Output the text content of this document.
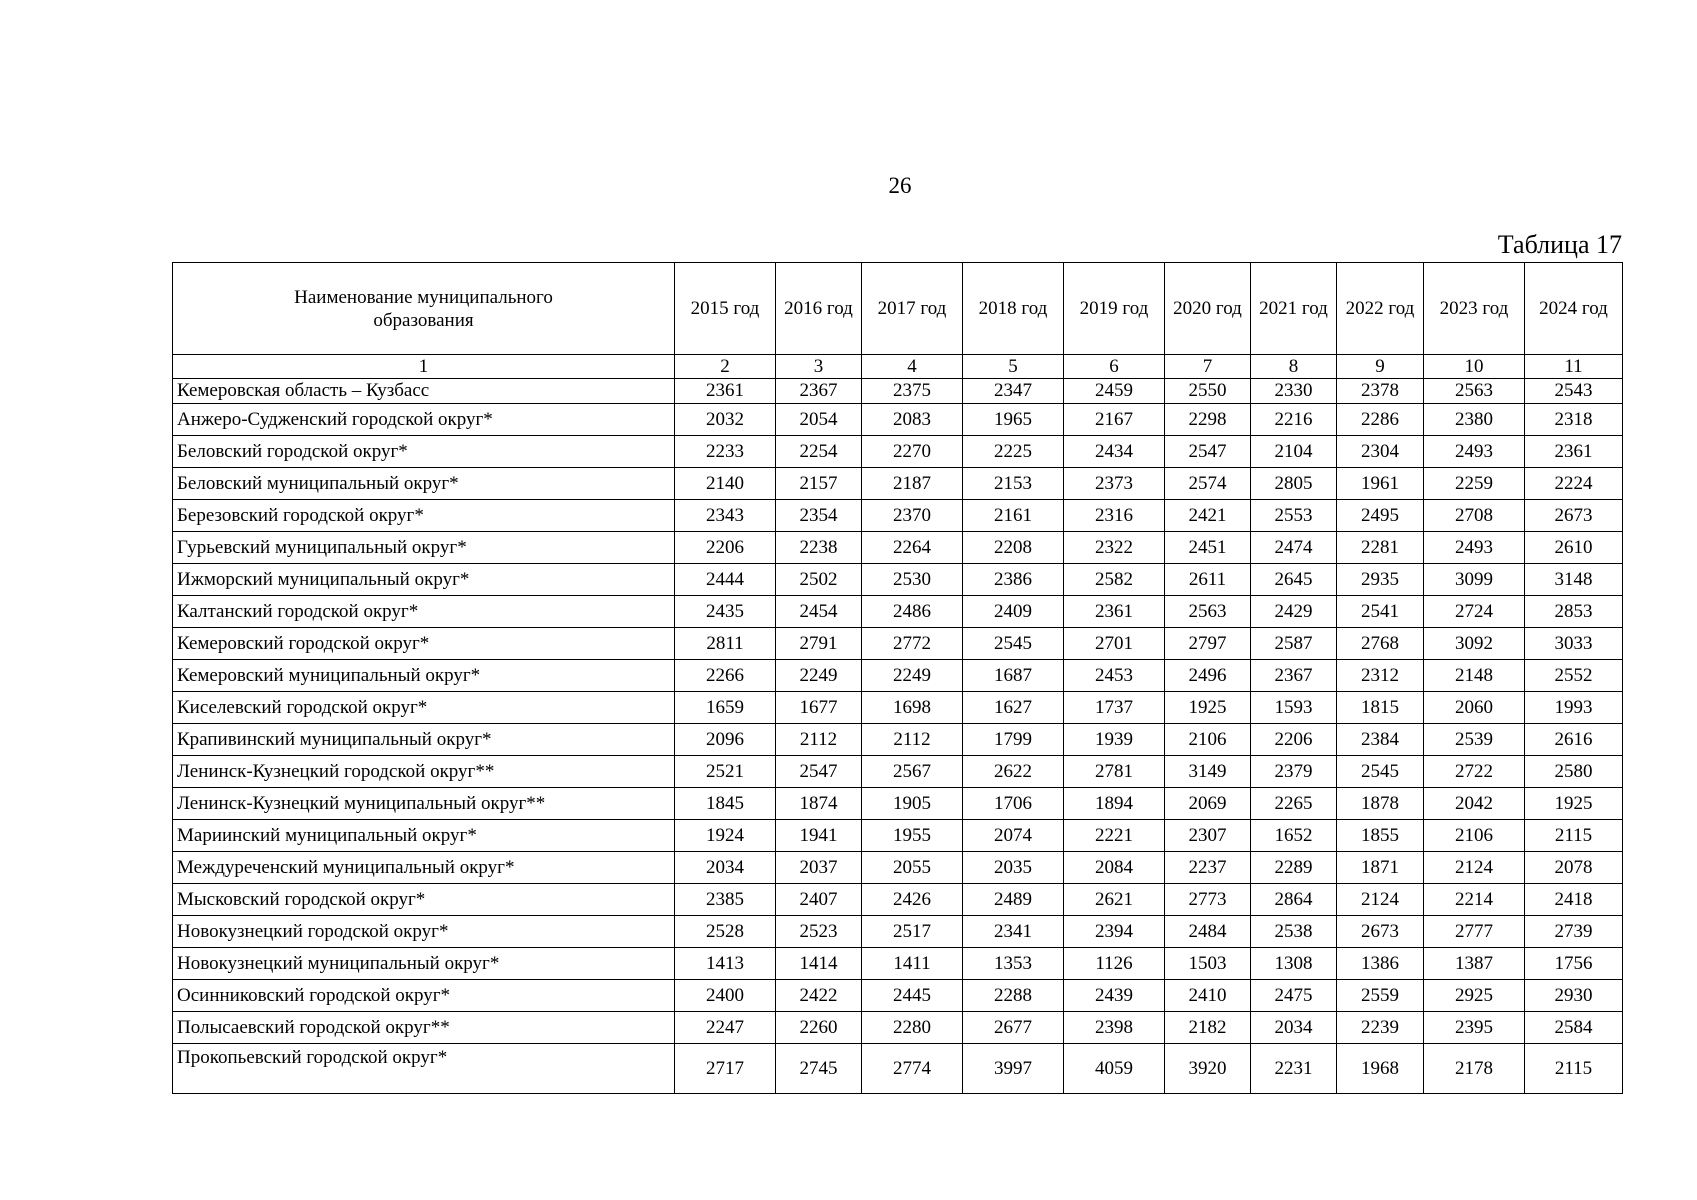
26
Таблица 17
Наименование муниципального образования	2015 год	2016 год	2017 год	2018 год	2019 год	2020 год	2021 год	2022 год	2023 год	2024 год
1	2	3	4	5	6	7	8	9	10	11
Кемеровская область – Кузбасс	2361	2367	2375	2347	2459	2550	2330	2378	2563	2543
Анжеро-Судженский городской округ*	2032	2054	2083	1965	2167	2298	2216	2286	2380	2318
Беловский городской округ*	2233	2254	2270	2225	2434	2547	2104	2304	2493	2361
Беловский муниципальный округ*	2140	2157	2187	2153	2373	2574	2805	1961	2259	2224
Березовский городской округ*	2343	2354	2370	2161	2316	2421	2553	2495	2708	2673
Гурьевский муниципальный округ*	2206	2238	2264	2208	2322	2451	2474	2281	2493	2610
Ижморский муниципальный округ*	2444	2502	2530	2386	2582	2611	2645	2935	3099	3148
Калтанский городской округ*	2435	2454	2486	2409	2361	2563	2429	2541	2724	2853
Кемеровский городской округ*	2811	2791	2772	2545	2701	2797	2587	2768	3092	3033
Кемеровский муниципальный округ*	2266	2249	2249	1687	2453	2496	2367	2312	2148	2552
Киселевский городской округ*	1659	1677	1698	1627	1737	1925	1593	1815	2060	1993
Крапивинский муниципальный округ*	2096	2112	2112	1799	1939	2106	2206	2384	2539	2616
Ленинск-Кузнецкий городской округ**	2521	2547	2567	2622	2781	3149	2379	2545	2722	2580
Ленинск-Кузнецкий муниципальный округ**	1845	1874	1905	1706	1894	2069	2265	1878	2042	1925
Мариинский муниципальный округ*	1924	1941	1955	2074	2221	2307	1652	1855	2106	2115
Междуреченский муниципальный округ*	2034	2037	2055	2035	2084	2237	2289	1871	2124	2078
Мысковский городской округ*	2385	2407	2426	2489	2621	2773	2864	2124	2214	2418
Новокузнецкий городской округ*	2528	2523	2517	2341	2394	2484	2538	2673	2777	2739
Новокузнецкий муниципальный округ*	1413	1414	1411	1353	1126	1503	1308	1386	1387	1756
Осинниковский городской округ*	2400	2422	2445	2288	2439	2410	2475	2559	2925	2930
Полысаевский городской округ**	2247	2260	2280	2677	2398	2182	2034	2239	2395	2584
Прокопьевский городской округ*	2717	2745	2774	3997	4059	3920	2231	1968	2178	2115
